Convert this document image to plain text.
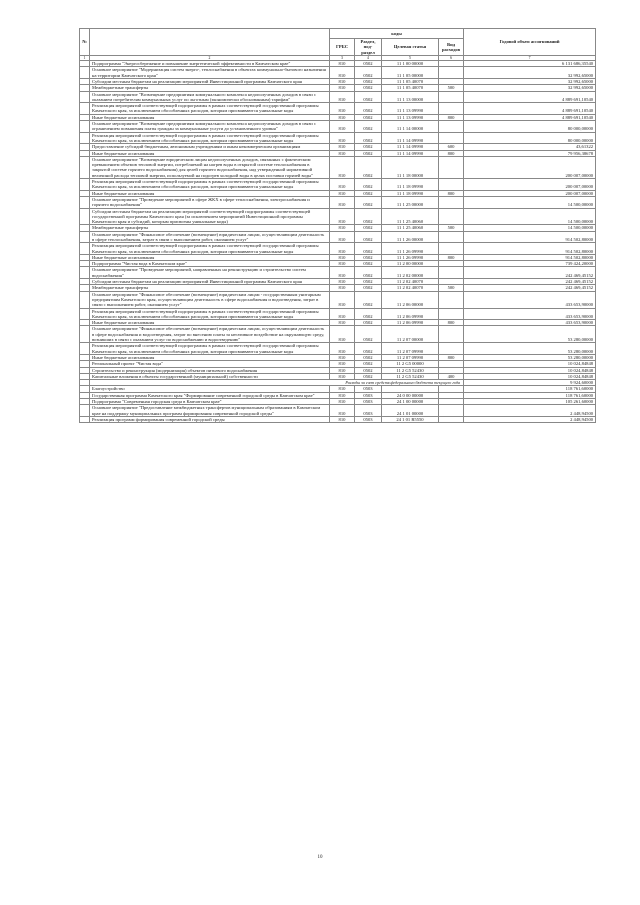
№		коды				Годовой объем ассигнований
		ГРБС	Раздел, под-раздел	Целевая статья	Вид расходов	
1	2	3	4	5	6	7
	Подпрограмма "Энергосбережение и повышение энергетической эффективности в Камчатском крае"	810	0502	11 1 00 00000		6 131 686,35540
	Основное мероприятие "Модернизация систем энерго-, теплоснабжения в объектах коммунально-бытового назначения на территории Камчатского края"	810	0502	11 1 05 00000		32 992,65000
	Субсидии местным бюджетам на реализацию мероприятий Инвестиционной программы Камчатского края	810	0502	11 1 05 40070		32 992,65000
	Межбюджетные трансферты	810	0502	11 1 05 40070	500	32 992,65000
	Основное мероприятие "Возмещение предприятиям коммунального комплекса недополученных доходов в связи с оказанием потребителям коммунальных услуг по льготным (экономически обоснованным) тарифам"	810	0502	11 1 13 00000		4 889 691,10540
	Реализация мероприятий соответствующей подпрограммы в рамках соответствующей государственной программы Камчатского края, за исключением обособленных расходов, которым присваиваются уникальные коды	810	0502	11 1 13 09990		4 889 691,10540
	Иные бюджетные ассигнования	810	0502	11 1 13 09990	800	4 889 691,10540
	Основное мероприятие "Возмещение предприятиям коммунального комплекса недополученных доходов в связи с ограничением повышения платы граждан за коммунальные услуги до установленного уровня"	810	0502	11 1 14 00000		80 000,00000
	Реализация мероприятий соответствующей подпрограммы в рамках соответствующей государственной программы Камчатского края, за исключением обособленных расходов, которым присваиваются уникальные коды	810	0502	11 1 14 09990		80 000,00000
	Предоставление субсидий бюджетным, автономным учреждениям и иным некоммерческим организациям	810	0502	11 1 14 09990	600	43,61322
	Иные бюджетные ассигнования	810	0502	11 1 14 09990	800	79 956,38678
	Основное мероприятие "Возмещение юридическим лицам недополученных доходов, связанных с фактическим превышением объемов тепловой энергии, потребляемой на нагрев воды в открытой системе теплоснабжения в закрытой системе горячего водоснабжения) для целей горячего водоснабжения, над утвержденной нормативной величиной расхода тепловой энергии, используемой на подогрев холодной воды в целях поставки горячей воды"	810	0502	11 1 18 00000		200 007,00000
	Реализация мероприятий соответствующей подпрограммы в рамках соответствующей государственной программы Камчатского края, за исключением обособленных расходов, которым присваиваются уникальные коды	810	0502	11 1 18 09990		200 007,00000
	Иные бюджетные ассигнования	810	0502	11 1 18 09990	800	200 007,00000
	Основное мероприятие "Проведение мероприятий в сфере ЖКХ в сфере теплоснабжения, электроснабжения и горячего водоснабжения"	810	0502	11 1 25 00000		14 500,00000
	Субсидии местным бюджетам на реализацию мероприятий соответствующей подпрограммы соответствующей государственной программы Камчатского края (за исключением мероприятий Инвестиционной программы Камчатского края и субсидий, которым присвоены уникальные коды)	810	0502	11 1 25 40060		14 500,00000
	Межбюджетные трансферты	810	0502	11 1 25 40060	500	14 500,00000
	Основное мероприятие "Финансовое обеспечение (возмещение) юридическим лицам, осуществляющим деятельность в сфере теплоснабжения, затрат в связи с выполнением работ, оказанием услуг"	810	0502	11 1 26 00000		914 502,80000
	Реализация мероприятий соответствующей подпрограммы в рамках соответствующей государственной программы Камчатского края, за исключением обособленных расходов, которым присваиваются уникальные коды	810	0502	11 1 26 09990		914 502,80000
	Иные бюджетные ассигнования	810	0502	11 1 26 09990	800	914 502,80000
	Подпрограмма "Чистая вода в Камчатском крае"	810	0502	11 2 00 00000		739 424,20000
	Основное мероприятие "Проведение мероприятий, направленных на реконструкцию и строительство систем водоснабжения"	810	0502	11 2 02 00000		242 469,45152
	Субсидии местным бюджетам на реализацию мероприятий Инвестиционной программы Камчатского края	810	0502	11 2 02 40070		242 469,45152
	Межбюджетные трансферты	810	0502	11 2 02 40070	500	242 469,45152
	Основное мероприятие "Финансовое обеспечение (возмещение) юридическим лицам - государственным унитарным предприятиям Камчатского края, осуществляющим деятельность в сфере водоснабжения и водоотведения, затрат в связи с выполнением работ, оказанием услуг"	810	0502	11 2 06 00000		433 653,90000
	Реализация мероприятий соответствующей подпрограммы в рамках соответствующей государственной программы Камчатского края, за исключением обособленных расходов, которым присваиваются уникальные коды	810	0502	11 2 06 09990		433 653,90000
	Иные бюджетные ассигнования	810	0502	11 2 06 09990	800	433 653,90000
	Основное мероприятие "Финансовое обеспечение (возмещение) юридическим лицам, осуществляющим деятельность в сфере водоснабжения и водоотведения, затрат по внесению платы за негативное воздействие на окружающую среду, возникших в связи с оказанием услуг по водоснабжению и водоотведению"	810	0502	11 2 07 00000		53 280,00000
	Реализация мероприятий соответствующей подпрограммы в рамках соответствующей государственной программы Камчатского края, за исключением обособленных расходов, которым присваиваются уникальные коды	810	0502	11 2 07 09990		53 280,00000
	Иные бюджетные ассигнования	810	0502	11 2 07 09990	800	53 280,00000
	Региональный проект "Чистая вода"	810	0502	11 2 G5 00000		10 024,84848
	Строительство и реконструкция (модернизация) объектов питьевого водоснабжения	810	0502	11 2 G5 52430		10 024,84848
	Капитальные вложения в объекты государственной (муниципальной) собственности	810	0502	11 2 G5 52430	400	10 024,84848
	Расходы за счет средств федерального бюджета текущего года					9 924,60000
	Благоустройство	810	0503			118 761,60000
	Государственная программа Камчатского края "Формирование современной городской среды в Камчатском крае"	810	0503	24 0 00 00000		118 761,60000
	Подпрограмма "Современная городская среда в Камчатском крае"	810	0503	24 1 00 00000		105 261,60000
	Основное мероприятие "Предоставление межбюджетных трансфертов муниципальным образованиям в Камчатском крае на поддержку муниципальных программ формирования современной городской среды"	810	0503	24 1 01 00000		2 448,94500
	Реализация программ формирования современной городской среды	810	0503	24 1 01 R5550		2 448,94500
10
